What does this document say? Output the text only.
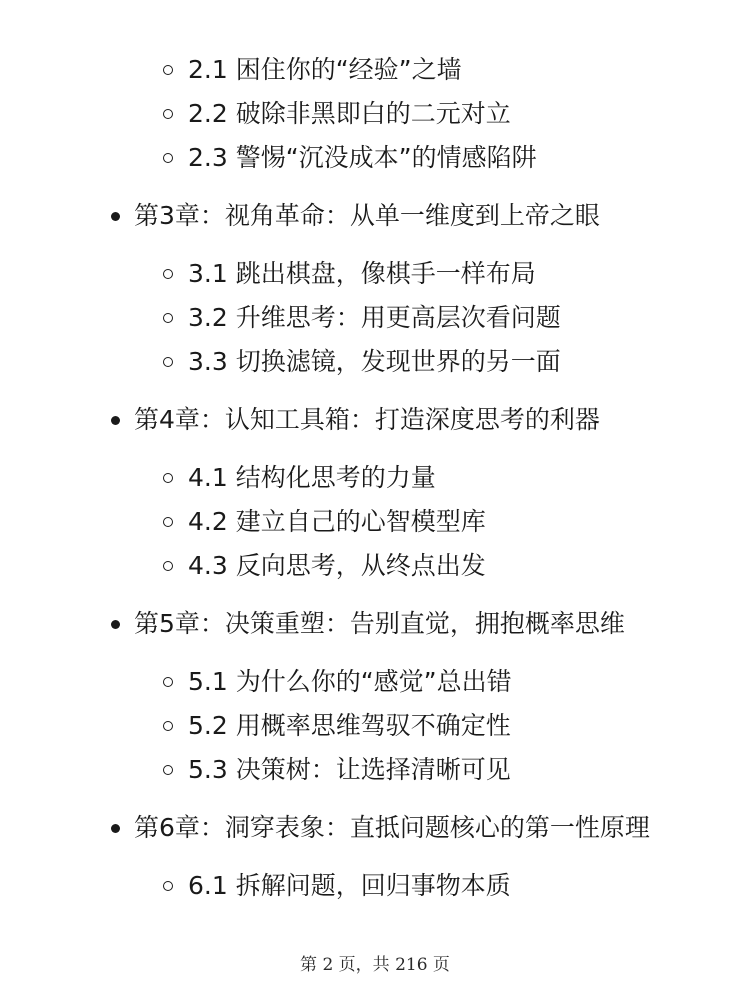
2.1 困住你的“经验”之墙
2.2 破除非黑即白的二元对立
2.3 警惕“沉没成本”的情感陷阱
第3章：视角革命：从单一维度到上帝之眼
3.1 跳出棋盘，像棋手一样布局
3.2 升维思考：用更高层次看问题
3.3 切换滤镜，发现世界的另一面
第4章：认知工具箱：打造深度思考的利器
4.1 结构化思考的力量
4.2 建立自己的心智模型库
4.3 反向思考，从终点出发
第5章：决策重塑：告别直觉，拥抱概率思维
5.1 为什么你的“感觉”总出错
5.2 用概率思维驾驭不确定性
5.3 决策树：让选择清晰可见
第6章：洞穿表象：直抵问题核心的第一性原理
6.1 拆解问题，回归事物本质
第 2 页，共 216 页
